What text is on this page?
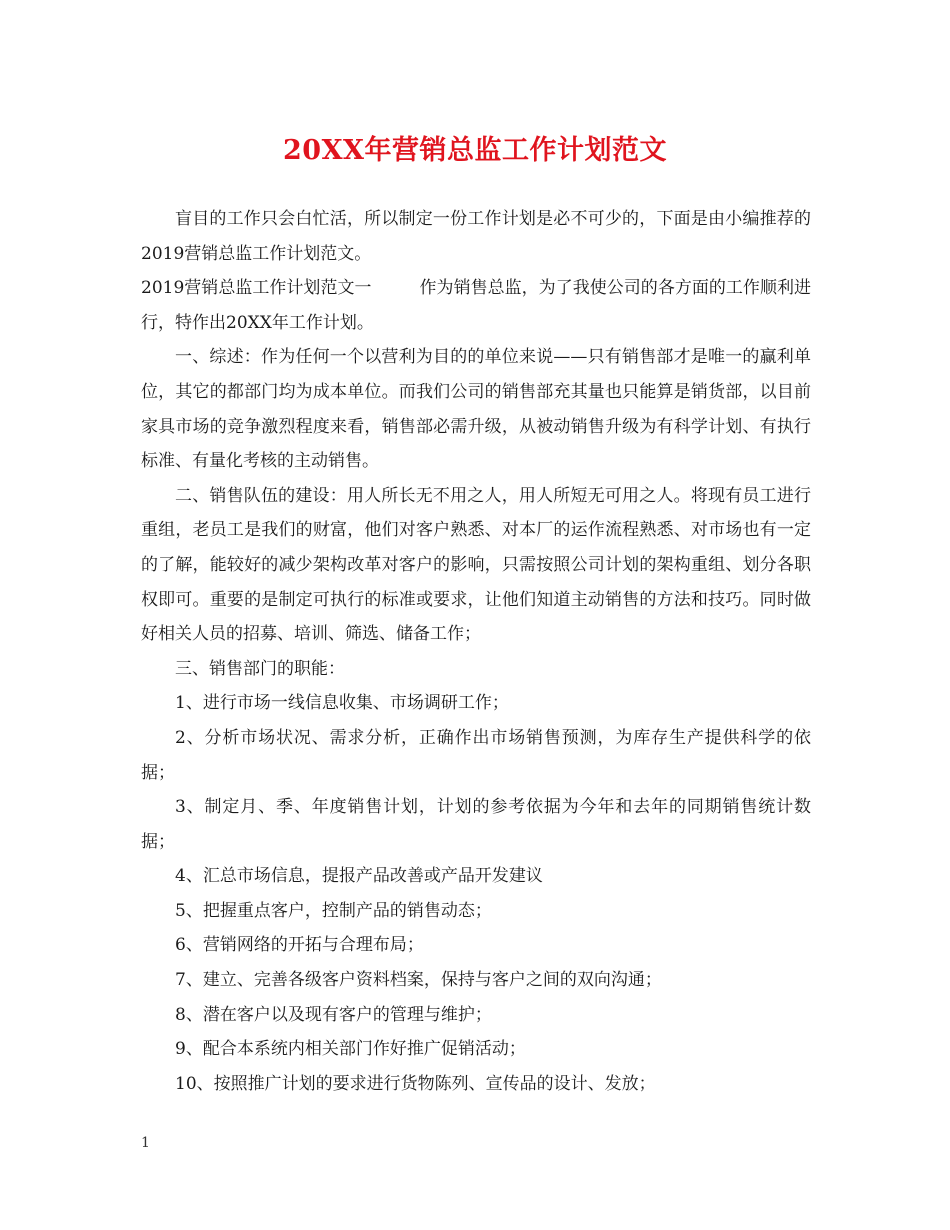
20XX年营销总监工作计划范文

盲目的工作只会白忙活，所以制定一份工作计划是必不可少的，下面是由小编推荐的2019营销总监工作计划范文。

2019营销总监工作计划范文一	作为销售总监，为了我使公司的各方面的工作顺利进行，特作出20XX年工作计划。

一、综述：作为任何一个以营利为目的的单位来说——只有销售部才是唯一的赢利单位，其它的都部门均为成本单位。而我们公司的销售部充其量也只能算是销货部，以目前家具市场的竞争激烈程度来看，销售部必需升级，从被动销售升级为有科学计划、有执行标准、有量化考核的主动销售。

二、销售队伍的建设：用人所长无不用之人，用人所短无可用之人。将现有员工进行重组，老员工是我们的财富，他们对客户熟悉、对本厂的运作流程熟悉、对市场也有一定的了解，能较好的减少架构改革对客户的影响，只需按照公司计划的架构重组、划分各职权即可。重要的是制定可执行的标准或要求，让他们知道主动销售的方法和技巧。同时做好相关人员的招募、培训、筛选、储备工作；

三、销售部门的职能：

1、进行市场一线信息收集、市场调研工作；

2、分析市场状况、需求分析，正确作出市场销售预测，为库存生产提供科学的依据；

3、制定月、季、年度销售计划，计划的参考依据为今年和去年的同期销售统计数据；

4、汇总市场信息，提报产品改善或产品开发建议

5、把握重点客户，控制产品的销售动态；

6、营销网络的开拓与合理布局；

7、建立、完善各级客户资料档案，保持与客户之间的双向沟通；

8、潜在客户以及现有客户的管理与维护；

9、配合本系统内相关部门作好推广促销活动；

10、按照推广计划的要求进行货物陈列、宣传品的设计、发放；

1
